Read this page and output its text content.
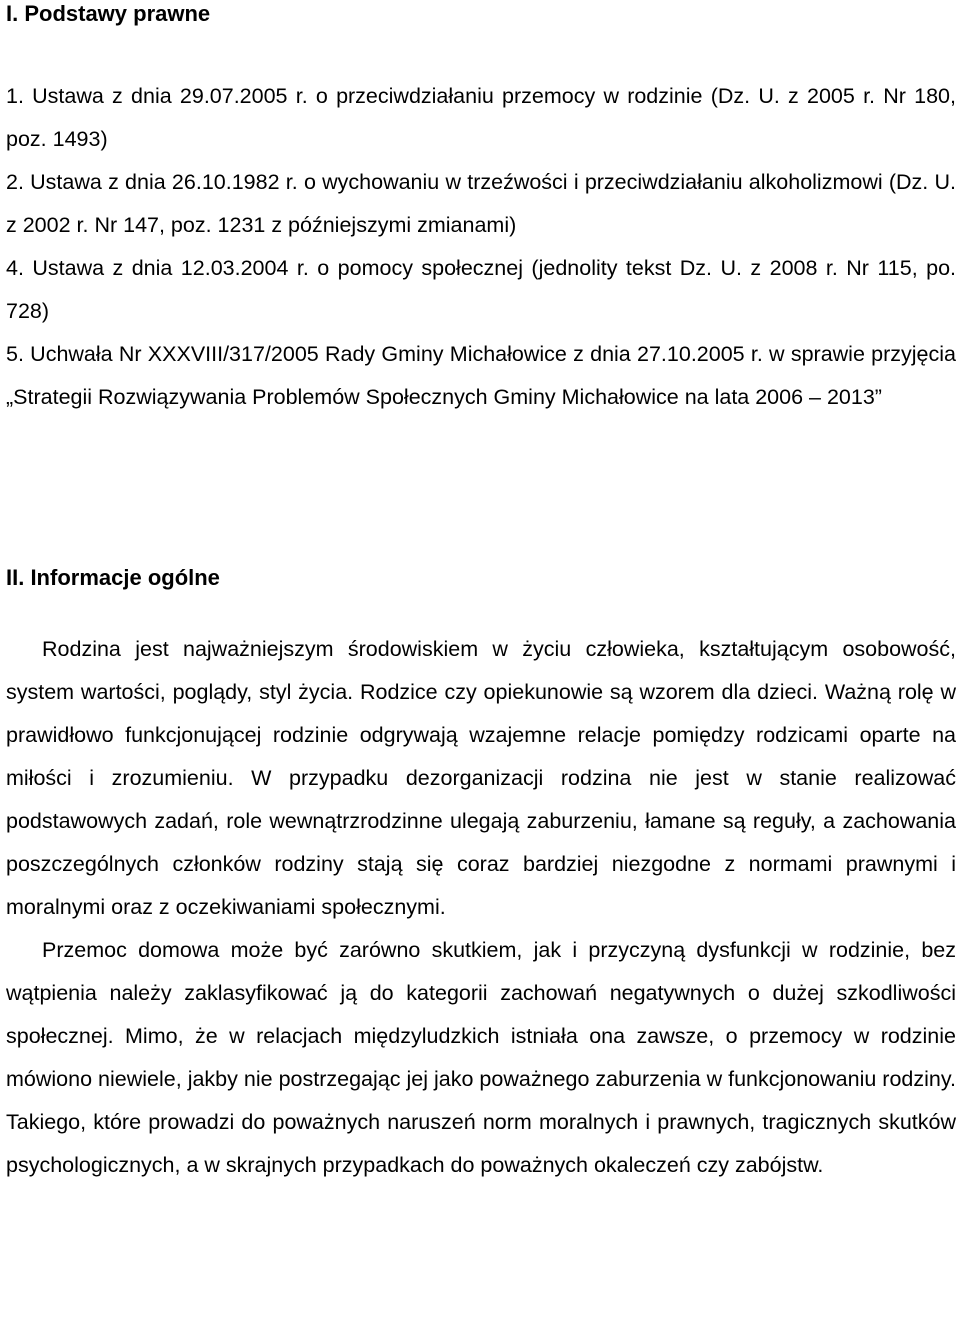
I. Podstawy prawne

1. Ustawa z dnia 29.07.2005 r. o przeciwdziałaniu przemocy w rodzinie (Dz. U. z 2005 r. Nr 180, poz. 1493)

2. Ustawa z dnia 26.10.1982 r. o wychowaniu w trzeźwości i przeciwdziałaniu alkoholizmowi (Dz. U. z 2002 r. Nr 147, poz. 1231 z późniejszymi zmianami)

4. Ustawa z dnia 12.03.2004 r. o pomocy społecznej (jednolity tekst Dz. U. z 2008 r. Nr 115, po. 728)

5. Uchwała Nr XXXVIII/317/2005 Rady Gminy Michałowice z dnia 27.10.2005 r. w sprawie przyjęcia „Strategii Rozwiązywania Problemów Społecznych Gminy Michałowice na lata 2006 – 2013”

II. Informacje ogólne

Rodzina jest najważniejszym środowiskiem w życiu człowieka, kształtującym osobowość, system wartości, poglądy, styl życia. Rodzice czy opiekunowie są wzorem dla dzieci. Ważną rolę w prawidłowo funkcjonującej rodzinie odgrywają wzajemne relacje pomiędzy rodzicami oparte na miłości i zrozumieniu. W przypadku dezorganizacji rodzina nie jest w stanie realizować podstawowych zadań, role wewnątrzrodzinne ulegają zaburzeniu, łamane są reguły, a zachowania poszczególnych członków rodziny stają się coraz bardziej niezgodne z normami prawnymi i moralnymi oraz z oczekiwaniami społecznymi.

Przemoc domowa może być zarówno skutkiem, jak i przyczyną dysfunkcji w rodzinie, bez wątpienia należy zaklasyfikować ją do kategorii zachowań negatywnych o dużej szkodliwości społecznej. Mimo, że w relacjach międzyludzkich istniała ona zawsze, o przemocy w rodzinie mówiono niewiele, jakby nie postrzegając jej jako poważnego zaburzenia w funkcjonowaniu rodziny. Takiego, które prowadzi do poważnych naruszeń norm moralnych i prawnych, tragicznych skutków psychologicznych, a w skrajnych przypadkach do poważnych okaleczeń czy zabójstw.
